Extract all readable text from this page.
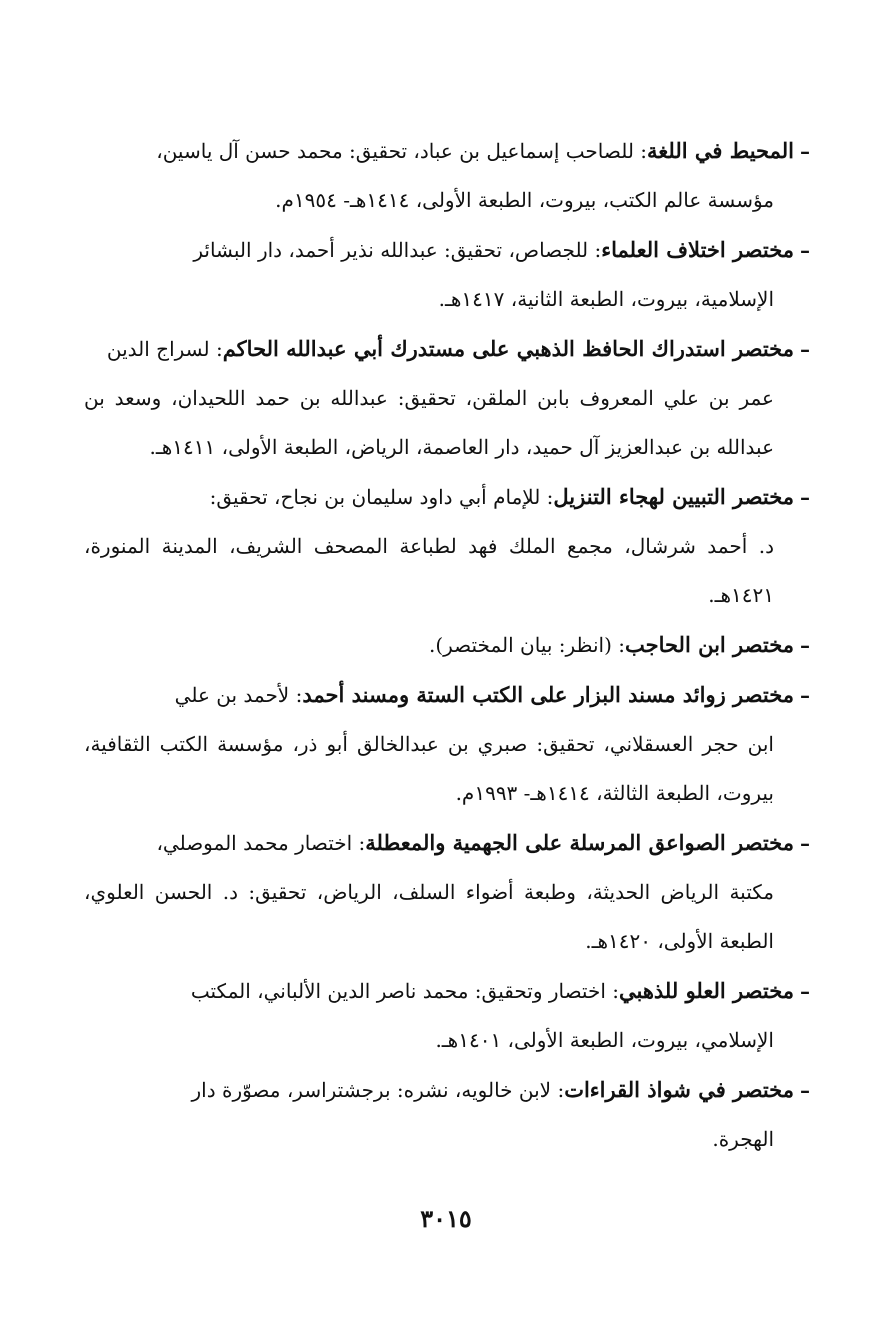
–المحيط في اللغة: للصاحب إسماعيل بن عباد، تحقيق: محمد حسن آل ياسين،
مؤسسة عالم الكتب، بيروت، الطبعة الأولى، ١٤١٤هـ- ١٩٥٤م.

–مختصر اختلاف العلماء: للجصاص، تحقيق: عبدالله نذير أحمد، دار البشائر
الإسلامية، بيروت، الطبعة الثانية، ١٤١٧هـ.

–مختصر استدراك الحافظ الذهبي على مستدرك أبي عبدالله الحاكم: لسراج الدين
عمر بن علي المعروف بابن الملقن، تحقيق: عبدالله بن حمد اللحيدان، وسعد بن عبدالله بن عبدالعزيز آل حميد، دار العاصمة، الرياض، الطبعة الأولى، ١٤١١هـ.

–مختصر التبيين لهجاء التنزيل: للإمام أبي داود سليمان بن نجاح، تحقيق:
د. أحمد شرشال، مجمع الملك فهد لطباعة المصحف الشريف، المدينة المنورة، ١٤٢١هـ.

–مختصر ابن الحاجب: (انظر: بيان المختصر).

–مختصر زوائد مسند البزار على الكتب الستة ومسند أحمد: لأحمد بن علي
ابن حجر العسقلاني، تحقيق: صبري بن عبدالخالق أبو ذر، مؤسسة الكتب الثقافية، بيروت، الطبعة الثالثة، ١٤١٤هـ- ١٩٩٣م.

–مختصر الصواعق المرسلة على الجهمية والمعطلة: اختصار محمد الموصلي،
مكتبة الرياض الحديثة، وطبعة أضواء السلف، الرياض، تحقيق: د. الحسن العلوي، الطبعة الأولى، ١٤٢٠هـ.

–مختصر العلو للذهبي: اختصار وتحقيق: محمد ناصر الدين الألباني، المكتب
الإسلامي، بيروت، الطبعة الأولى، ١٤٠١هـ.

–مختصر في شواذ القراءات: لابن خالويه، نشره: برجشتراسر، مصوّرة دار
الهجرة.

٣٠١٥
